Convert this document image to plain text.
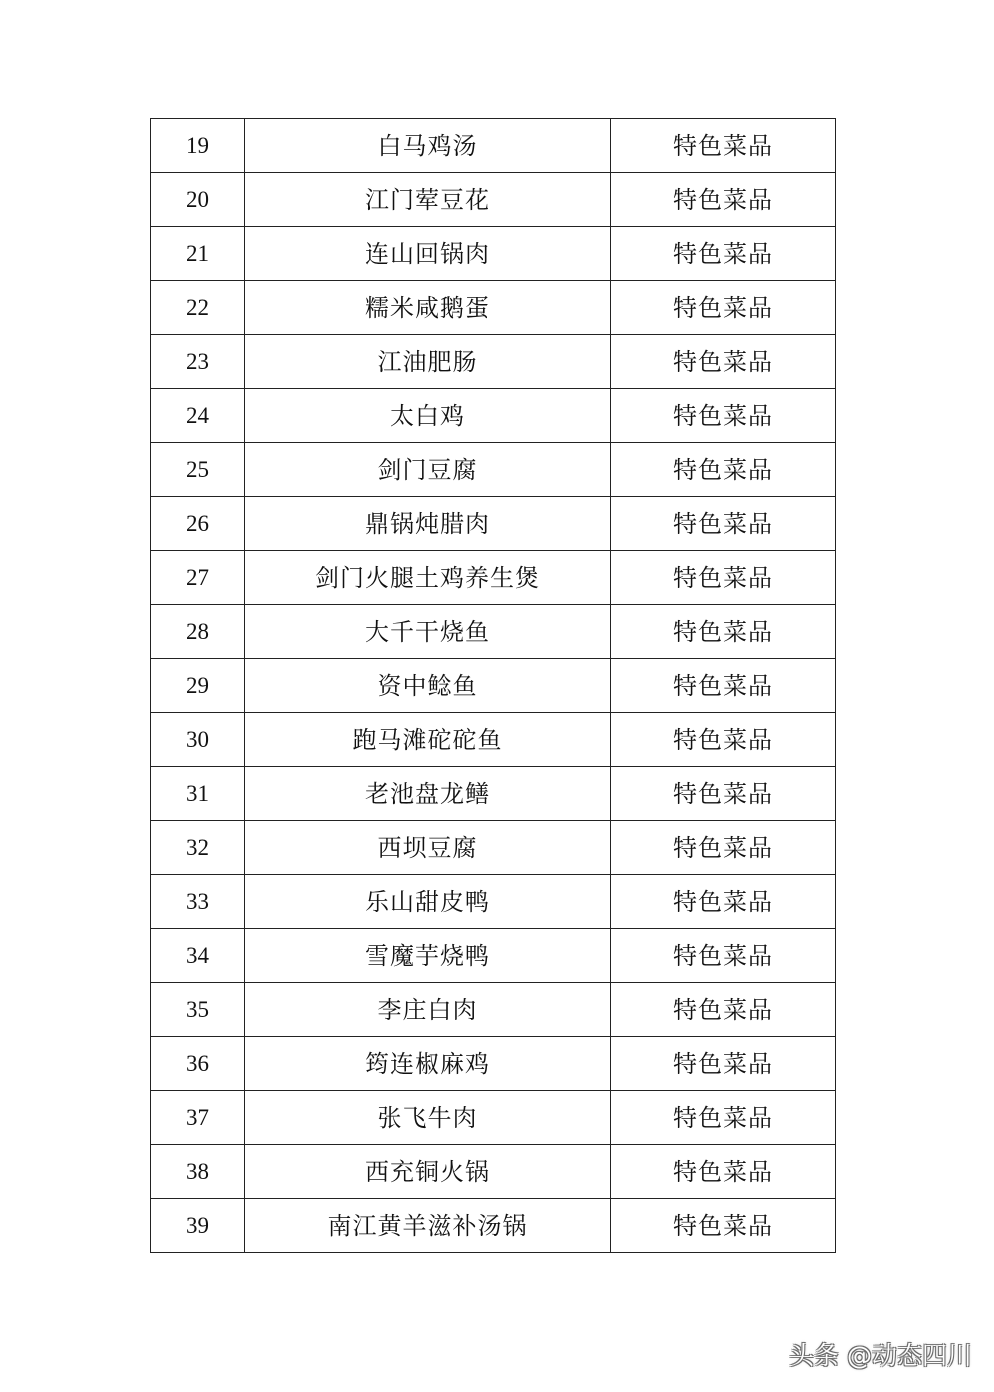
19	白马鸡汤	特色菜品
20	江门荤豆花	特色菜品
21	连山回锅肉	特色菜品
22	糯米咸鹅蛋	特色菜品
23	江油肥肠	特色菜品
24	太白鸡	特色菜品
25	剑门豆腐	特色菜品
26	鼎锅炖腊肉	特色菜品
27	剑门火腿土鸡养生煲	特色菜品
28	大千干烧鱼	特色菜品
29	资中鲶鱼	特色菜品
30	跑马滩砣砣鱼	特色菜品
31	老池盘龙鳝	特色菜品
32	西坝豆腐	特色菜品
33	乐山甜皮鸭	特色菜品
34	雪魔芋烧鸭	特色菜品
35	李庄白肉	特色菜品
36	筠连椒麻鸡	特色菜品
37	张飞牛肉	特色菜品
38	西充铜火锅	特色菜品
39	南江黄羊滋补汤锅	特色菜品
头条 @动态四川
